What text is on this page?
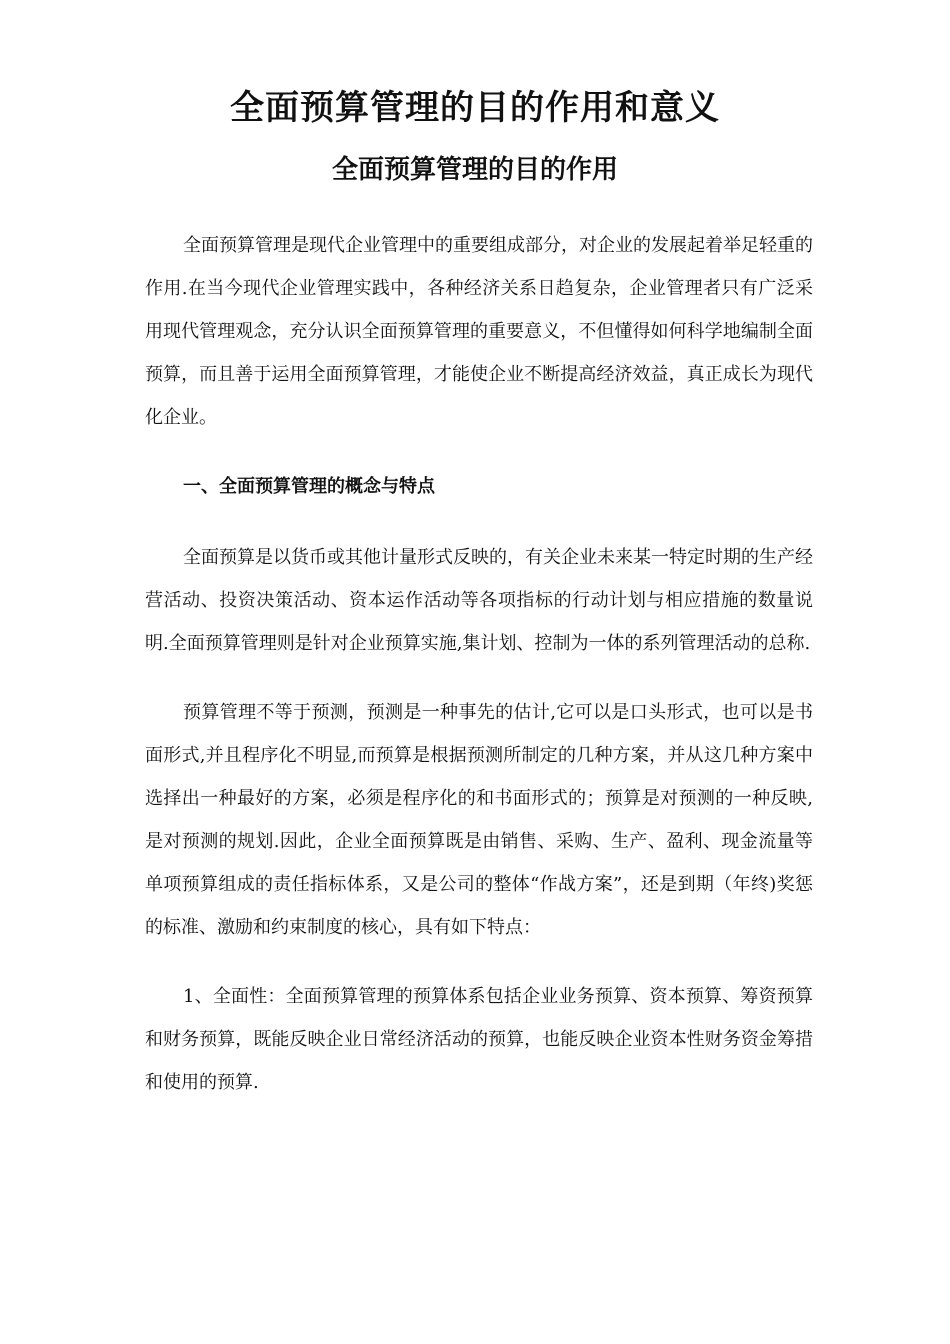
全面预算管理的目的作用和意义
全面预算管理的目的作用

全面预算管理是现代企业管理中的重要组成部分，对企业的发展起着举足轻重的作用.在当今现代企业管理实践中，各种经济关系日趋复杂，企业管理者只有广泛采用现代管理观念，充分认识全面预算管理的重要意义，不但懂得如何科学地编制全面预算，而且善于运用全面预算管理，才能使企业不断提高经济效益，真正成长为现代化企业。

一、全面预算管理的概念与特点

全面预算是以货币或其他计量形式反映的，有关企业未来某一特定时期的生产经营活动、投资决策活动、资本运作活动等各项指标的行动计划与相应措施的数量说明.全面预算管理则是针对企业预算实施,集计划、控制为一体的系列管理活动的总称.

预算管理不等于预测，预测是一种事先的估计,它可以是口头形式，也可以是书面形式,并且程序化不明显,而预算是根据预测所制定的几种方案，并从这几种方案中选择出一种最好的方案，必须是程序化的和书面形式的；预算是对预测的一种反映,是对预测的规划.因此，企业全面预算既是由销售、采购、生产、盈利、现金流量等单项预算组成的责任指标体系，又是公司的整体“作战方案”，还是到期（年终)奖惩的标准、激励和约束制度的核心，具有如下特点：

1、全面性：全面预算管理的预算体系包括企业业务预算、资本预算、筹资预算和财务预算，既能反映企业日常经济活动的预算，也能反映企业资本性财务资金筹措和使用的预算.
